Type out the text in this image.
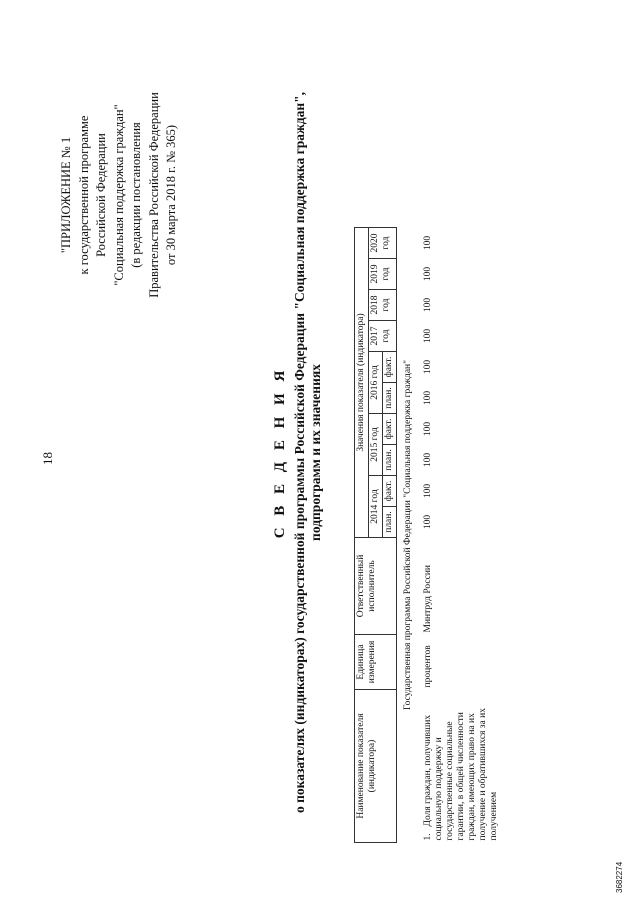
18
"ПРИЛОЖЕНИЕ № 1 к государственной программе Российской Федерации "Социальная поддержка граждан" (в редакции постановления Правительства Российской Федерации от 30 марта 2018 г. № 365)
С В Е Д Е Н И Я о показателях (индикаторах) государственной программы Российской Федерации "Социальная поддержка граждан", подпрограмм и их значениях
Наименование показателя (индикатора)	Единица измерения	Ответственный исполнитель	Значения показателя (индикатора)									
			2014 год		2015 год		2016 год		2017 год	2018 год	2019 год	2020 год
			план.	факт.	план.	факт.	план.	факт.				
Государственная программа Российской Федерации "Социальная поддержка граждан"												
1.Доля граждан, получивших социальную поддержку и государственные социальные гарантии, в общей численности граждан, имеющих право на их получение и обратившихся за их получением	процентов	Минтруд России	100	100	100	100	100	100	100	100	100	100
3682274
